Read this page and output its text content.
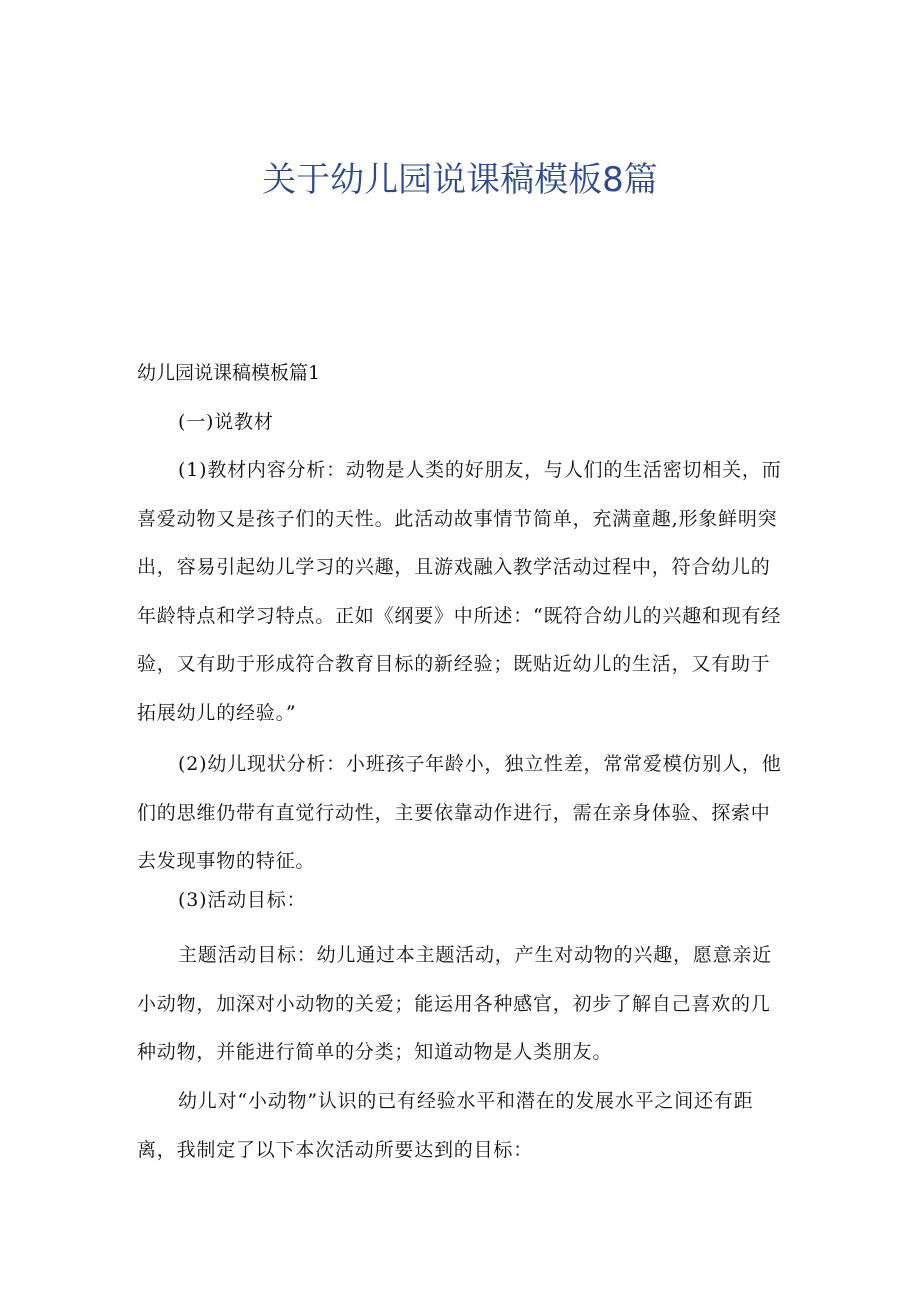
关于幼儿园说课稿模板8篇

幼儿园说课稿模板篇1

(一)说教材

(1)教材内容分析：动物是人类的好朋友，与人们的生活密切相关，而喜爱动物又是孩子们的天性。此活动故事情节简单，充满童趣,形象鲜明突出，容易引起幼儿学习的兴趣，且游戏融入教学活动过程中，符合幼儿的年龄特点和学习特点。正如《纲要》中所述：“既符合幼儿的兴趣和现有经验，又有助于形成符合教育目标的新经验；既贴近幼儿的生活，又有助于拓展幼儿的经验。”

(2)幼儿现状分析：小班孩子年龄小，独立性差，常常爱模仿别人，他们的思维仍带有直觉行动性，主要依靠动作进行，需在亲身体验、探索中去发现事物的特征。

(3)活动目标：

主题活动目标：幼儿通过本主题活动，产生对动物的兴趣，愿意亲近小动物，加深对小动物的关爱；能运用各种感官，初步了解自己喜欢的几种动物，并能进行简单的分类；知道动物是人类朋友。

幼儿对“小动物”认识的已有经验水平和潜在的发展水平之间还有距离，我制定了以下本次活动所要达到的目标：
